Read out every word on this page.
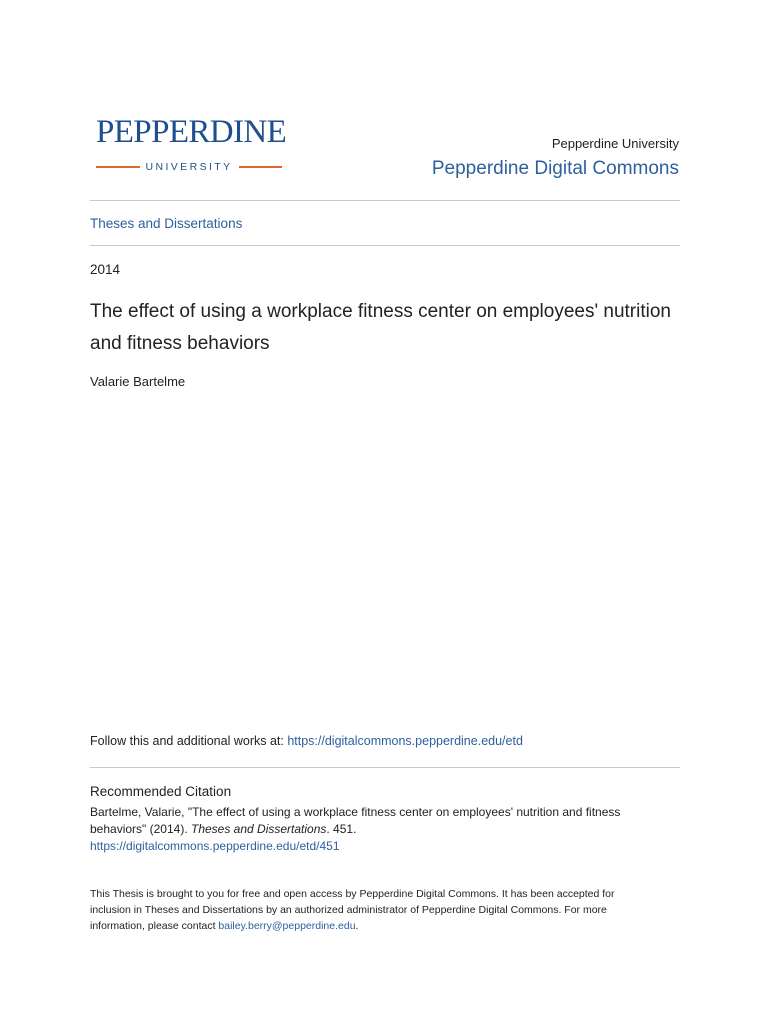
PEPPERDINE
UNIVERSITY
Pepperdine University
Pepperdine Digital Commons
Theses and Dissertations
2014
The effect of using a workplace fitness center on employees' nutrition and fitness behaviors
Valarie Bartelme
Follow this and additional works at: https://digitalcommons.pepperdine.edu/etd
Recommended Citation
Bartelme, Valarie, "The effect of using a workplace fitness center on employees' nutrition and fitness
behaviors" (2014). Theses and Dissertations. 451.
https://digitalcommons.pepperdine.edu/etd/451
This Thesis is brought to you for free and open access by Pepperdine Digital Commons. It has been accepted for
inclusion in Theses and Dissertations by an authorized administrator of Pepperdine Digital Commons. For more
information, please contact bailey.berry@pepperdine.edu.
